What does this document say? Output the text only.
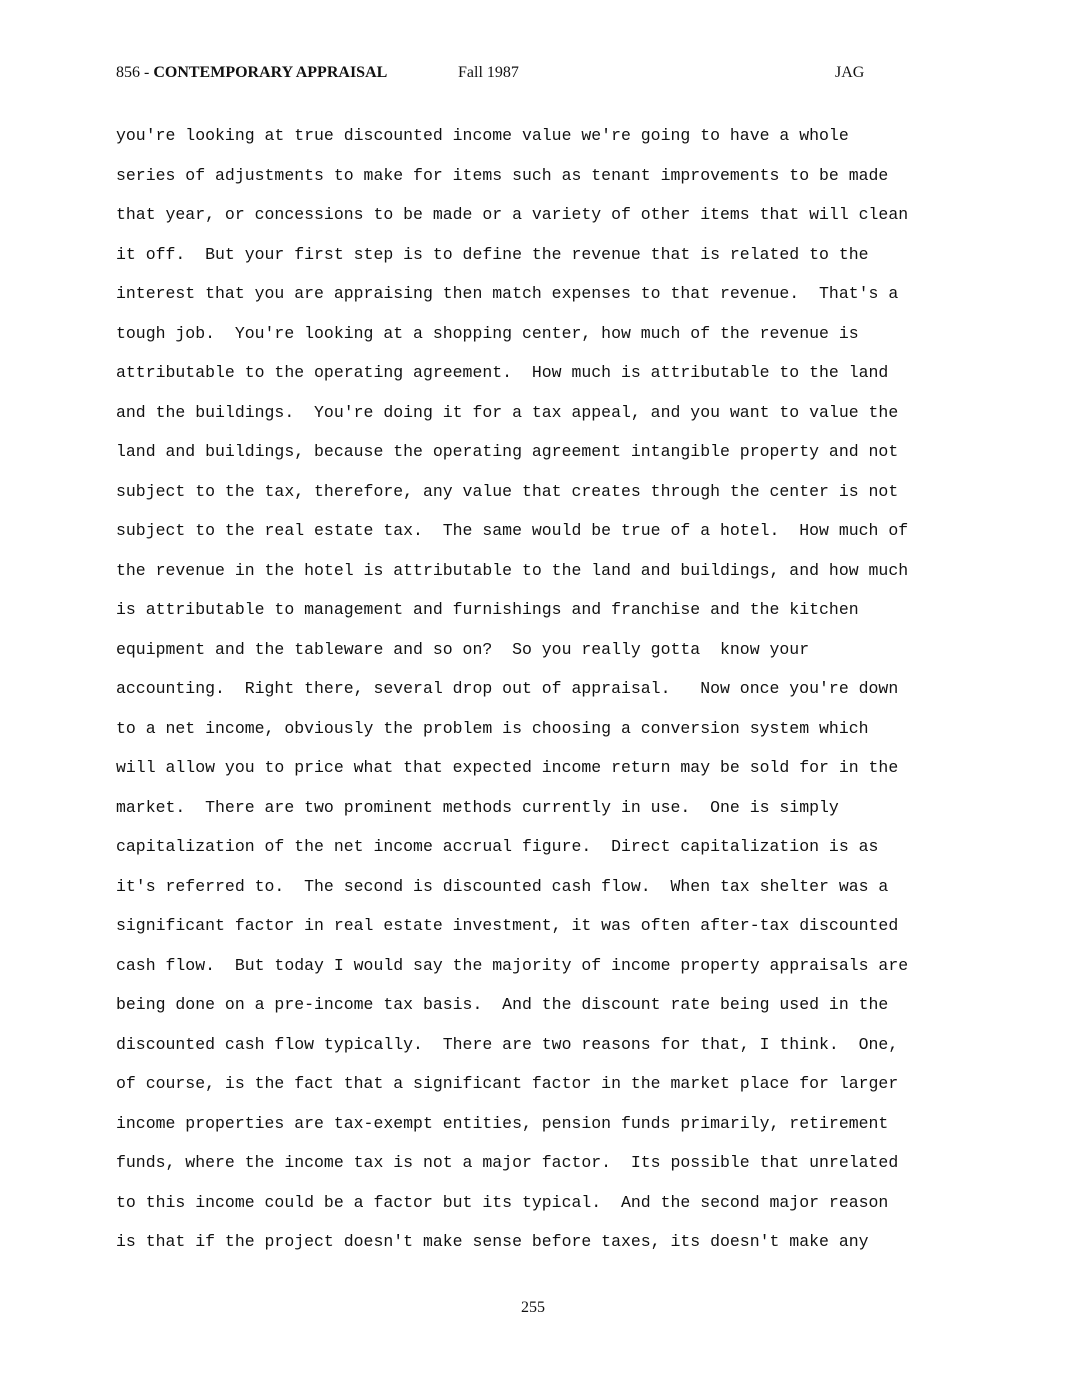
856 - CONTEMPORARY APPRAISAL	Fall 1987	JAG
you're looking at true discounted income value we're going to have a whole
series of adjustments to make for items such as tenant improvements to be made
that year, or concessions to be made or a variety of other items that will clean
it off.  But your first step is to define the revenue that is related to the
interest that you are appraising then match expenses to that revenue.  That's a
tough job.  You're looking at a shopping center, how much of the revenue is
attributable to the operating agreement.  How much is attributable to the land
and the buildings.  You're doing it for a tax appeal, and you want to value the
land and buildings, because the operating agreement intangible property and not
subject to the tax, therefore, any value that creates through the center is not
subject to the real estate tax.  The same would be true of a hotel.  How much of
the revenue in the hotel is attributable to the land and buildings, and how much
is attributable to management and furnishings and franchise and the kitchen
equipment and the tableware and so on?  So you really gotta  know your
accounting.  Right there, several drop out of appraisal.   Now once you're down
to a net income, obviously the problem is choosing a conversion system which
will allow you to price what that expected income return may be sold for in the
market.  There are two prominent methods currently in use.  One is simply
capitalization of the net income accrual figure.  Direct capitalization is as
it's referred to.  The second is discounted cash flow.  When tax shelter was a
significant factor in real estate investment, it was often after-tax discounted
cash flow.  But today I would say the majority of income property appraisals are
being done on a pre-income tax basis.  And the discount rate being used in the
discounted cash flow typically.  There are two reasons for that, I think.  One,
of course, is the fact that a significant factor in the market place for larger
income properties are tax-exempt entities, pension funds primarily, retirement
funds, where the income tax is not a major factor.  Its possible that unrelated
to this income could be a factor but its typical.  And the second major reason
is that if the project doesn't make sense before taxes, its doesn't make any
255
